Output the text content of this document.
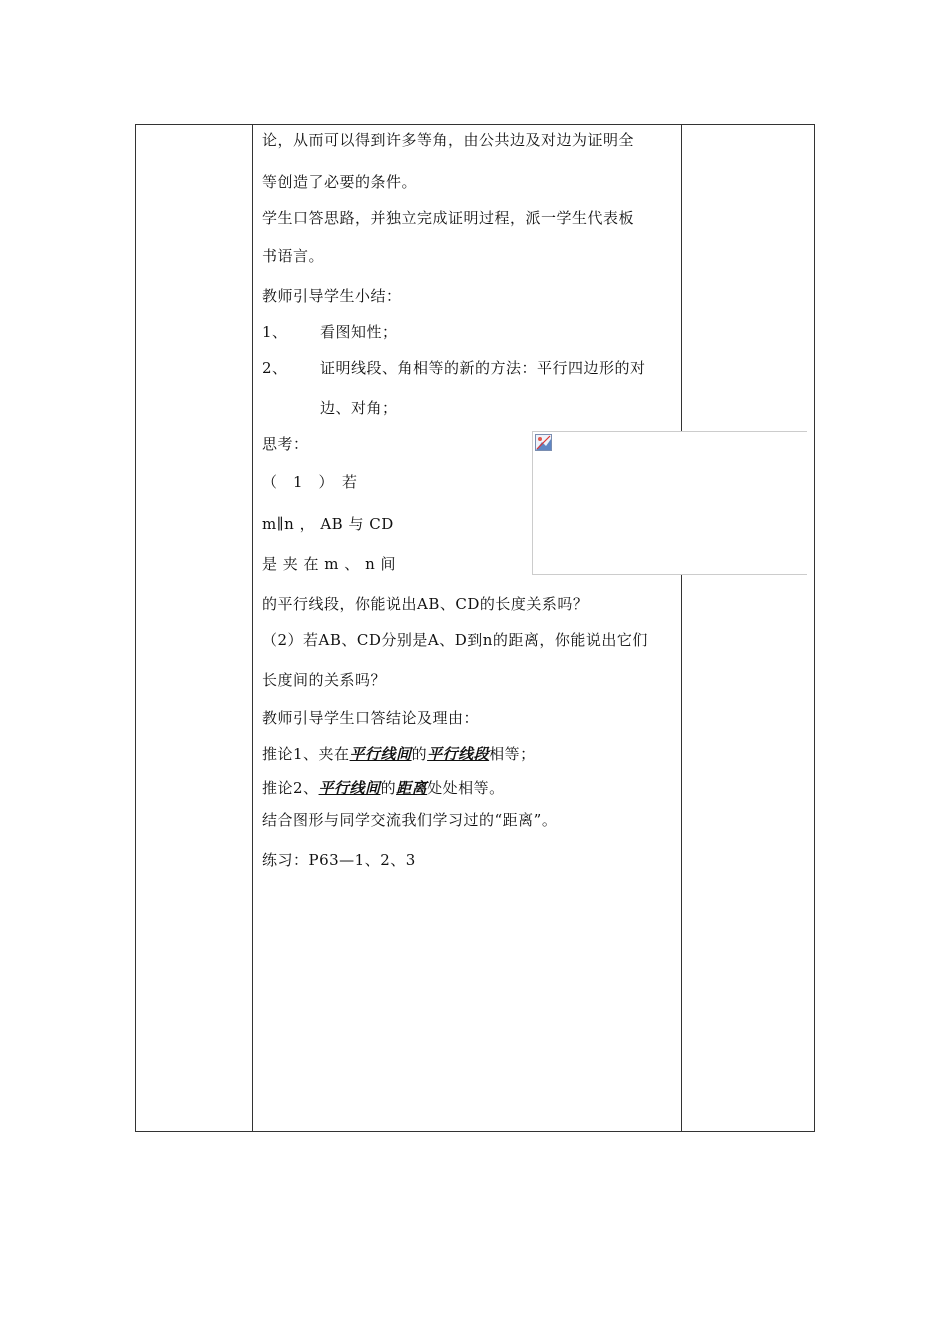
论，从而可以得到许多等角，由公共边及对边为证明全
等创造了必要的条件。
学生口答思路，并独立完成证明过程，派一学生代表板
书语言。
教师引导学生小结：
1、 看图知性；
2、 证明线段、角相等的新的方法：平行四边形的对
边、对角；
思考：
（　1　）　若
m∥n ， AB 与 CD
是 夹 在 m 、 n 间
的平行线段，你能说出AB、CD的长度关系吗？
（2）若AB、CD分别是A、D到n的距离，你能说出它们
长度间的关系吗？
教师引导学生口答结论及理由：
推论1、夹在平行线间的平行线段相等；
推论2、平行线间的距离处处相等。
结合图形与同学交流我们学习过的“距离”。
练习：P63—1、2、3
